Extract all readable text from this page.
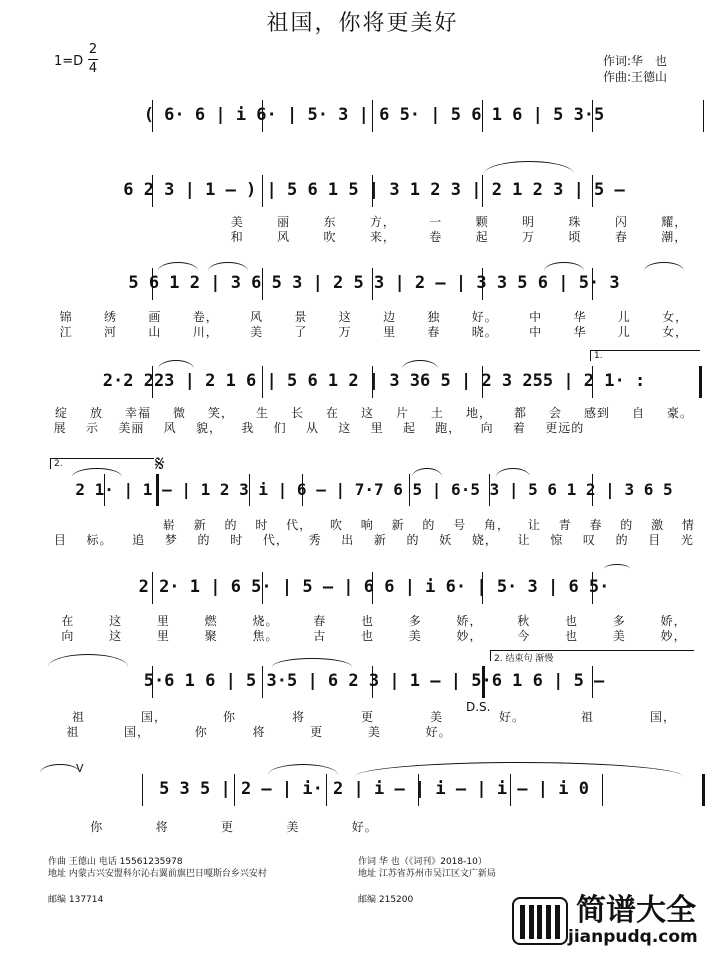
祖国，你将更美好
1=D
2
4	作词:华　也
作曲:王德山
( 6· 6 | i 6· | 5· 3 | 6 5· | 5 6 1 6 | 5 3·5
6 2 3 | 1 – ) | 5 6 1 5 | 3 1 2 3 | 2 1 2 3 | 5 –
美	丽	东	方，	一	颗	明	珠	闪	耀，
和	风	吹	来，	卷	起	万	顷	春	潮，
5 6 1 2 | 3 6 5 3 | 2 5 3 | 2 – | 3 3 5 6 | 5· 3
锦	绣	画	卷，	风	景	这	边	独	好。	中	华	儿	女，
江	河	山	川，	美	了	万	里	春	晓。	中	华	儿	女，
1.
2·2 223 | 2 1 6 | 5 6 1 2 | 3 36 5 | 2 3 255 | 2 1· :
绽 放 幸福 微 笑， 生 长 在 这 片 土 地， 都 会 感到 自 豪。
展 示 美丽 风 貌， 我 们 从 这 里 起 跑， 向 着 更远的
2.	𝄋
2 1· | 1 – | 1 2 3 i | 6 – | 7·7 6 5 | 6·5 3 | 5 6 1 2 | 3 6 5
崭 新 的 时 代， 吹 响 新 的 号 角， 让 青 春 的 激 情
目 标。 追 梦 的 时 代， 秀 出 新 的 妖 娆， 让 惊 叹 的 目 光
2 2· 1 | 6 5· | 5 – | 6 6 | i 6· | 5· 3 | 6 5·
在	这	里	燃	烧。	春	也	多	娇，	秋	也	多	娇，
向	这	里	聚	焦。	古	也	美	妙，	今	也	美	妙，
2. 结束句 渐慢
5·6 1 6 | 5 3·5 | 6 2 3 | 1 – | 5·6 1 6 | 5 –
D.S.
祖	国，	你	将	更	美	好。	祖	国，
祖	国，	你	将	更	美	好。
V
5 3 5 | 2 – | i· 2 | i – | i – | i – | i 0
你	将	更	美	好。
作曲 王德山 电话 15561235978
地址 内蒙古兴安盟科尔沁右翼前旗巴日嘎斯台乡兴安村
邮编 137714
作词 华 也（《词刊》2018-10）
地址 江苏省苏州市吴江区文广新局
邮编 215200	简谱大全
jianpudq.com
